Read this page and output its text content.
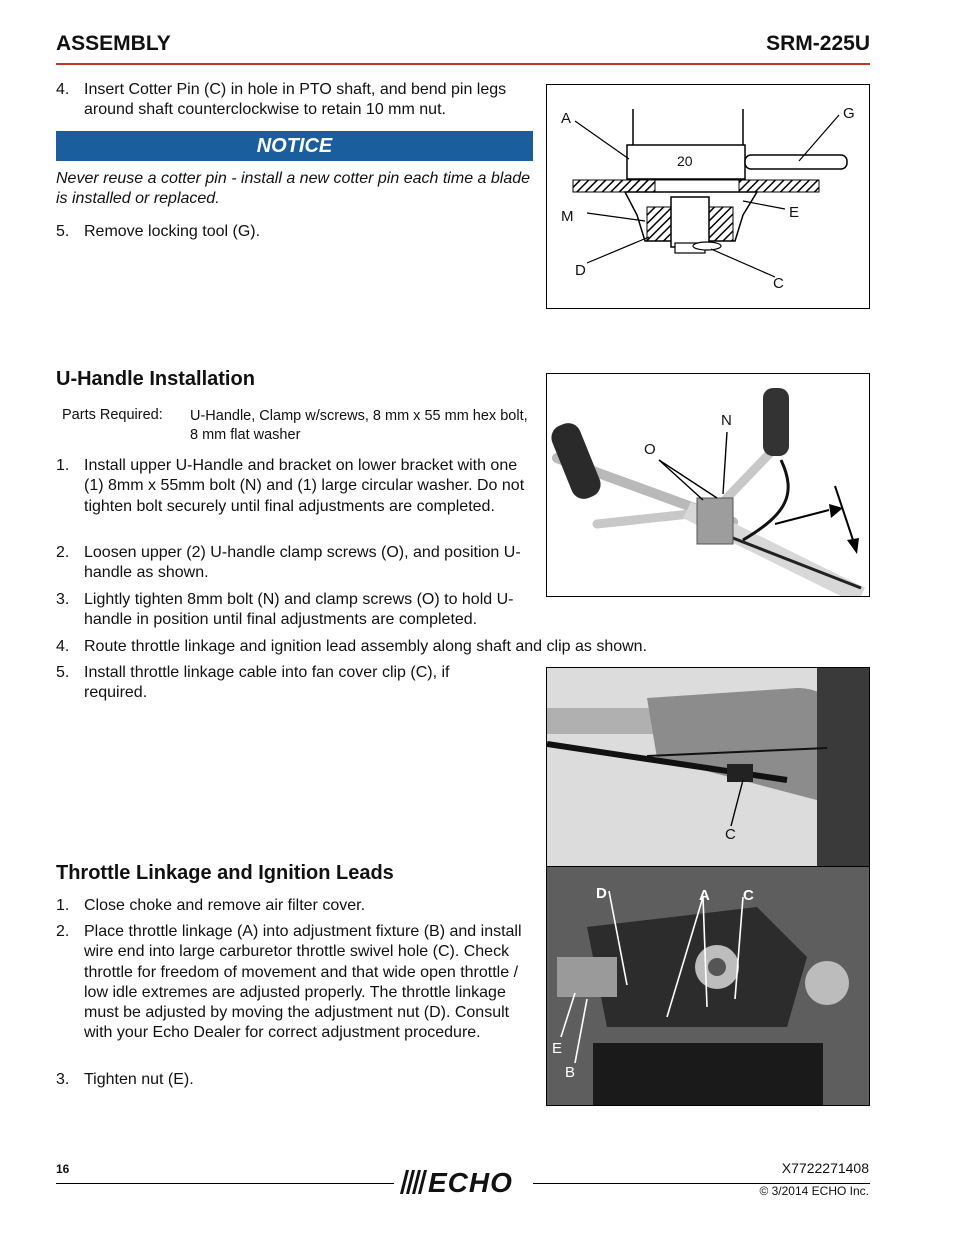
ASSEMBLY	SRM-225U
4. Insert Cotter Pin (C) in hole in PTO shaft, and bend pin legs around shaft counterclockwise to retain 10 mm nut.
NOTICE
Never reuse a cotter pin - install a new cotter pin each time a blade is installed or replaced.
5. Remove locking tool (G).
A	G
20
M	E
D
C
U-Handle Installation
Parts Required: U-Handle, Clamp w/screws, 8 mm x 55 mm hex bolt, 8 mm flat washer
1. Install upper U-Handle and bracket on lower bracket with one (1) 8mm x 55mm bolt (N) and (1) large circular washer. Do not tighten bolt securely until final adjustments are completed.
2. Loosen upper (2) U-handle clamp screws (O), and position U-handle as shown.
3. Lightly tighten 8mm bolt (N) and clamp screws (O) to hold U-handle in position until final adjustments are completed.
4. Route throttle linkage and ignition lead assembly along shaft and clip as shown.
5. Install throttle linkage cable into fan cover clip (C), if required.
N
O
C
Throttle Linkage and Ignition Leads
1. Close choke and remove air filter cover.
2. Place throttle linkage (A) into adjustment fixture (B) and install wire end into large carburetor throttle swivel hole (C). Check throttle for freedom of movement and that wide open throttle / low idle extremes are adjusted properly. The throttle linkage must be adjusted by moving the adjustment nut (D). Consult with your Echo Dealer for correct adjustment procedure.
3. Tighten nut (E).
D	A C
E
B
16	ECHO	X7722271408
© 3/2014 ECHO Inc.
